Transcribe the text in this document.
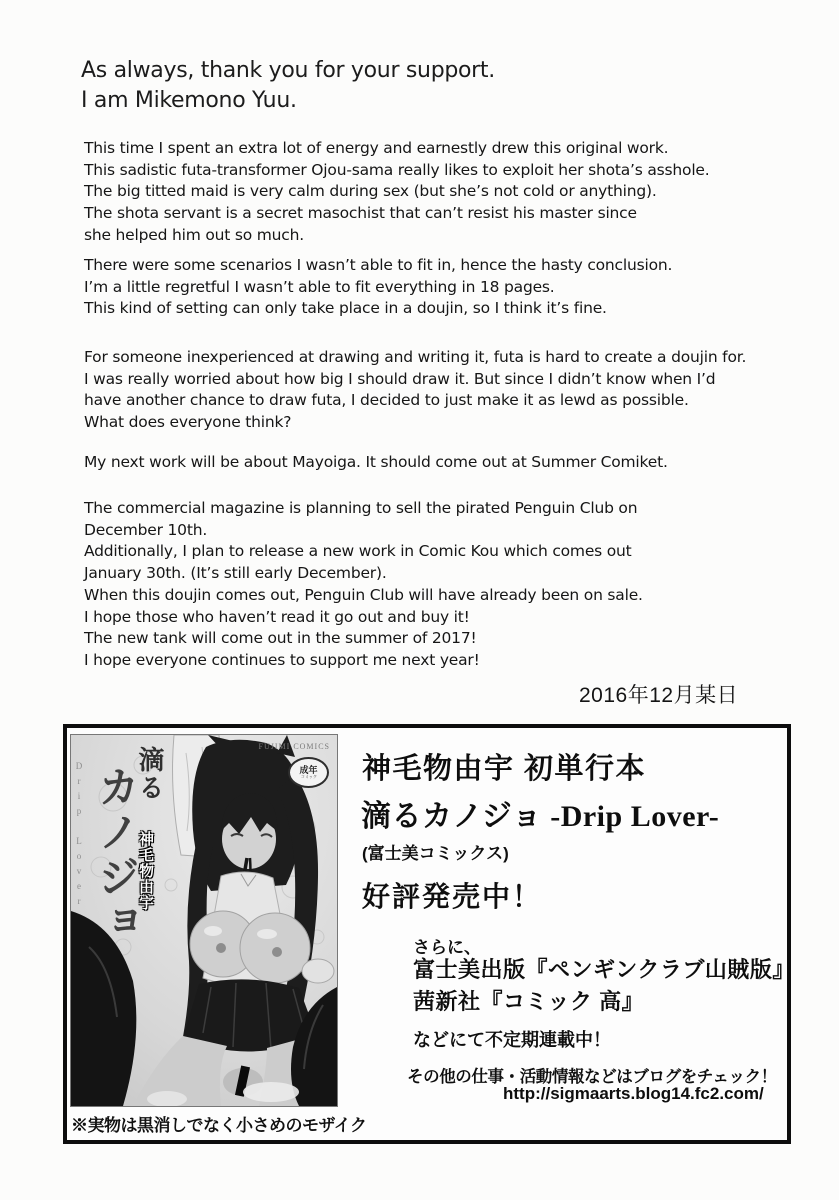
As always, thank you for your support.
I am Mikemono Yuu.
This time I spent an extra lot of energy and earnestly drew this original work.
This sadistic futa-transformer Ojou-sama really likes to exploit her shota’s asshole.
The big titted maid is very calm during sex (but she’s not cold or anything).
The shota servant is a secret masochist that can’t resist his master since
she helped him out so much.
There were some scenarios I wasn’t able to fit in, hence the hasty conclusion.
I’m a little regretful I wasn’t able to fit everything in 18 pages.
This kind of setting can only take place in a doujin, so I think it’s fine.
For someone inexperienced at drawing and writing it, futa is hard to create a doujin for.
I was really worried about how big I should draw it. But since I didn’t know when I’d
have another chance to draw futa, I decided to just make it as lewd as possible.
What does everyone think?
My next work will be about Mayoiga. It should come out at Summer Comiket.
The commercial magazine is planning to sell the pirated Penguin Club on
December 10th.
Additionally, I plan to release a new work in Comic Kou which comes out
January 30th. (It’s still early December).
When this doujin comes out, Penguin Club will have already been on sale.
I hope those who haven’t read it go out and buy it!
The new tank will come out in the summer of 2017!
I hope everyone continues to support me next year!
2016年12月某日
Drip Lover カノジョ
滴る
神毛物由宇
FUJIMI COMICS
成年
コミック
※実物は黒消しでなく小さめのモザイク
神毛物由宇 初単行本
滴るカノジョ -Drip Lover-
(富士美コミックス)
好評発売中！
さらに、
富士美出版『ペンギンクラブ山賊版』
茜新社『コミック 高』
などにて不定期連載中！
その他の仕事・活動情報などはブログをチェック！
http://sigmaarts.blog14.fc2.com/
